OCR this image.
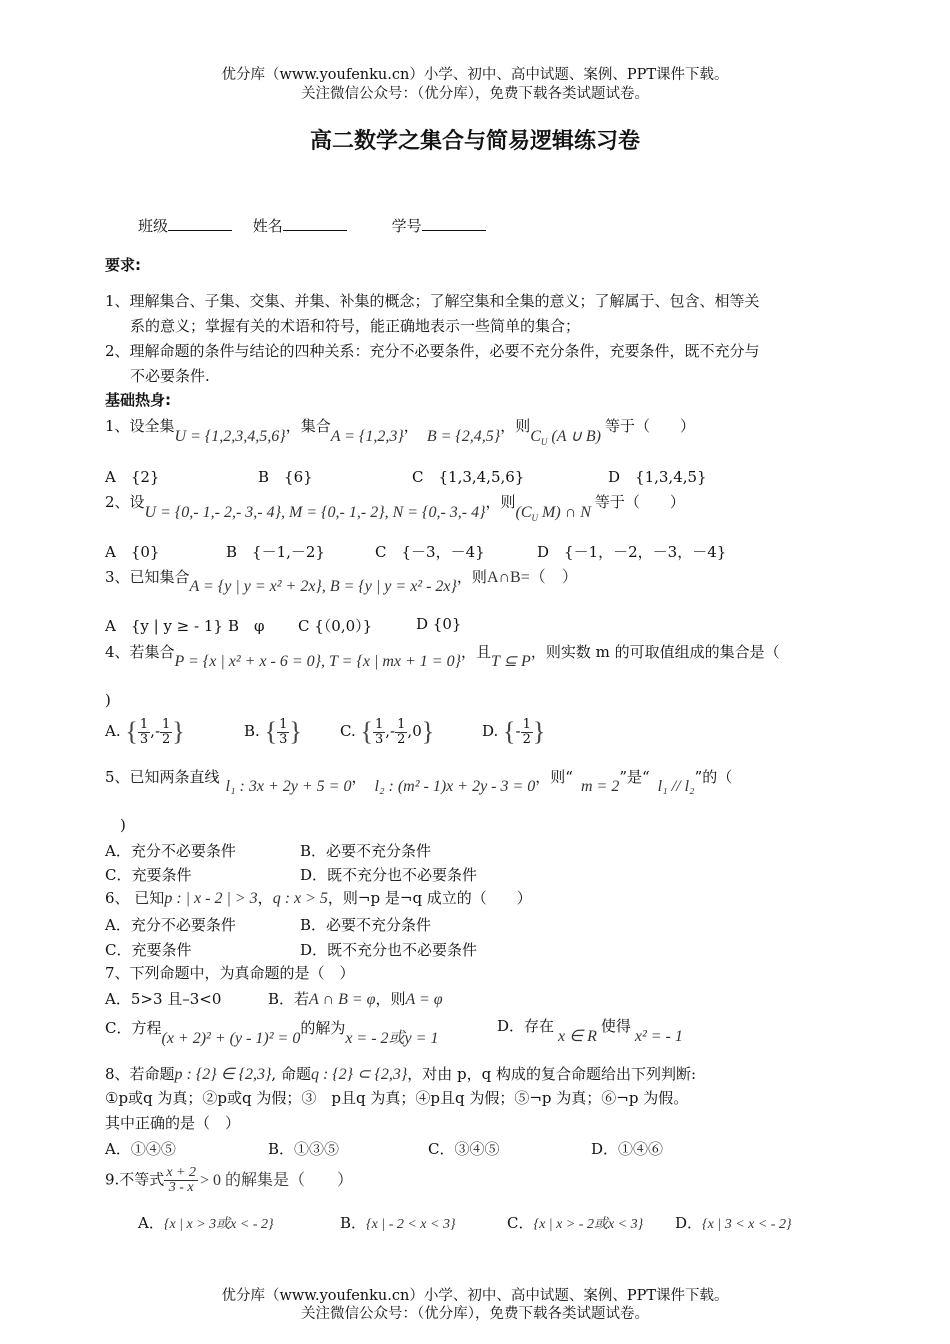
优分库（www.youfenku.cn）小学、初中、高中试题、案例、PPT课件下载。
关注微信公众号：（优分库），免费下载各类试题试卷。
高二数学之集合与简易逻辑练习卷
班级	姓名	学号
要求:
1、理解集合、子集、交集、并集、补集的概念；了解空集和全集的意义；了解属于、包含、相等关
系的意义；掌握有关的术语和符号，能正确地表示一些简单的集合；
2、理解命题的条件与结论的四种关系：充分不必要条件，必要不充分条件，充要条件，既不充分与
不必要条件.
基础热身:
1、设全集U = {1,2,3,4,5,6}，集合A = {1,2,3}，B = {2,4,5}，则$C_U$ (A ∪ B)等于（　　）
A　{2}	B　{6}	C　{1,3,4,5,6}	D　{1,3,4,5}
2、设U = {0,- 1,- 2,- 3,- 4}, M = {0,- 1,- 2}, N = {0,- 3,- 4}，则($C_U$ M) ∩ N等于（　　）
A　{0}	B　{－1,－2}	C　{－3，－4}	D　{－1，－2，－3，－4}
3、已知集合A = {y | y = x² + 2x}, B = {y | y = x² - 2x}，则A∩B=（　）
A　{y | y ≥ - 1} B　φ C {（0,0）}	D {0}
4、若集合P = {x | x² + x - 6 = 0}, T = {x | mx + 1 = 0}，且T ⊆ P，则实数 m 的可取值组成的集合是（
)
A. { $\frac{1}{3}$ ,- $\frac{1}{2}$ }	B. { $\frac{1}{3}$ }	C. { $\frac{1}{3}$ ,- $\frac{1}{2} ,0$}	D. {- $\frac{1}{2}$ }
5、已知两条直线l₁ : 3x + 2y + 5 = 0，l₂ : (m² - 1)x + 2y - 3 = 0，则“m = 2”是“l₁ // l₂”的（
)
A．充分不必要条件	B．必要不充分条件
C．充要条件	D．既不充分也不必要条件
6、 已知p : | x - 2 | > 3，q : x > 5，则¬p 是¬q 成立的（　　）
A．充分不必要条件	B．必要不充分条件
C．充要条件	D．既不充分也不必要条件
7、下列命题中，为真命题的是（　）
A．5>3 且–3<0	B．若A ∩ B = φ，则A = φ
C．方程(x + 2)² + (y - 1)² = 0的解为x = - 2或y = 1
D．存在x ∈ R使得x² = - 1
8、若命题p : {2} ∈ {2,3}, 命题q : {2} ⊂ {2,3}，对由 p，q 构成的复合命题给出下列判断:
①p或q 为真；②p或q 为假；③　p且q 为真；④p且q 为假；⑤¬p 为真；⑥¬p 为假。
其中正确的是（　）
A．①④⑤	B．①③⑤	C．③④⑤	D．①④⑥
9.不等式 $\frac{x + 2}{3 - x} > 0$ 的解集是（　　）
A．{x | x > 3或x < - 2}	B．{x | - 2 < x < 3}	C．{x | x > - 2或x < 3} D．{x | 3 < x < - 2}
优分库（www.youfenku.cn）小学、初中、高中试题、案例、PPT课件下载。
关注微信公众号：（优分库），免费下载各类试题试卷。
